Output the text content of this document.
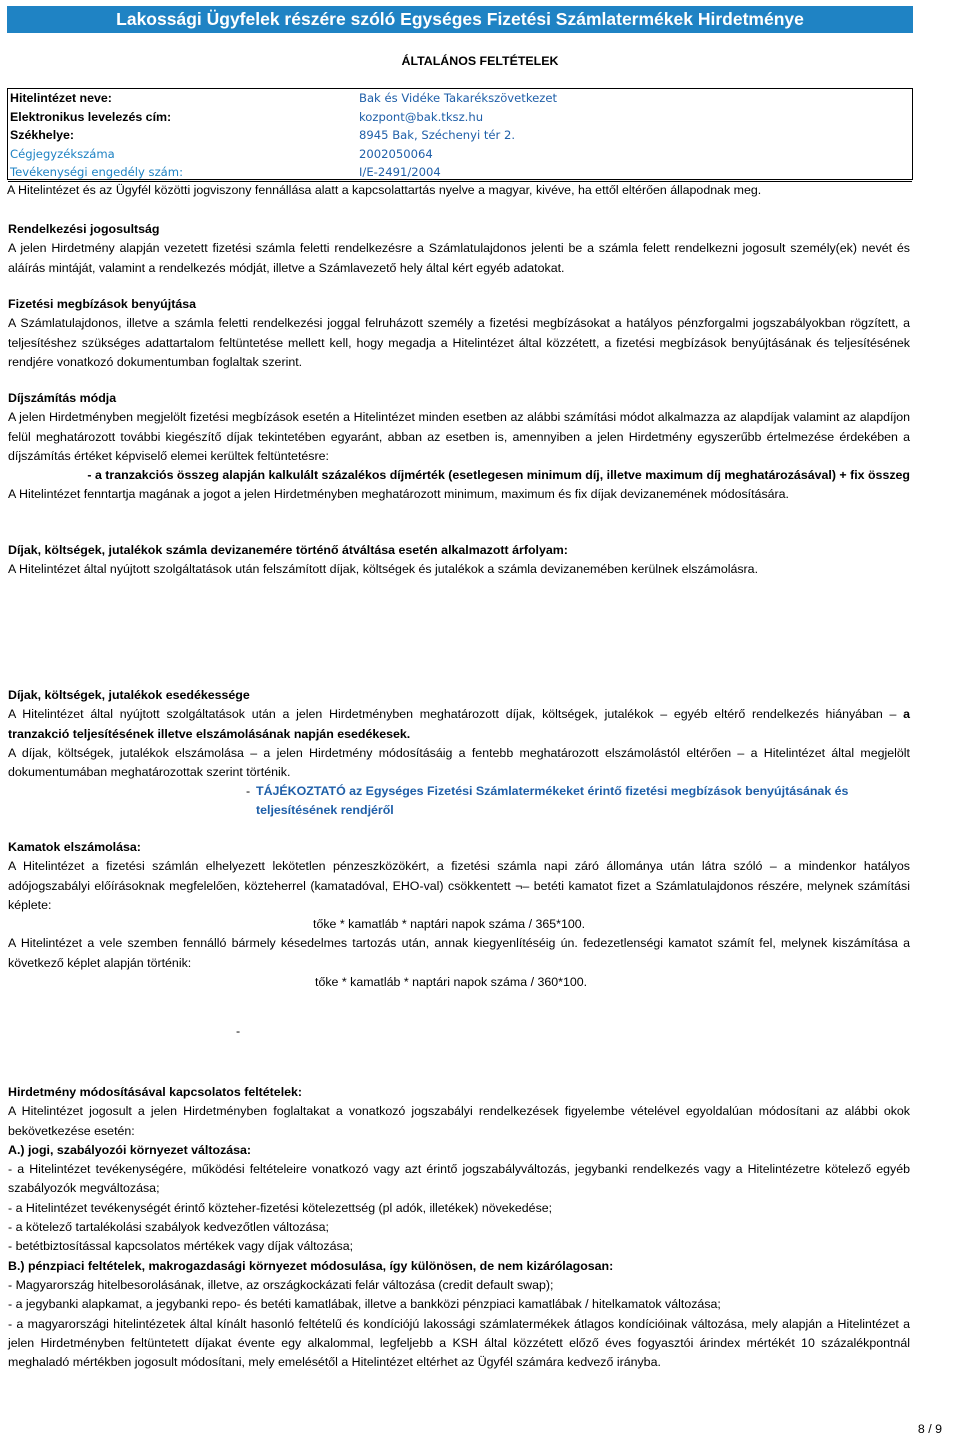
Lakossági Ügyfelek részére szóló Egységes Fizetési Számlatermékek Hirdetménye
ÁLTALÁNOS FELTÉTELEK
Hitelintézet neve:	Bak és Vidéke Takarékszövetkezet
Elektronikus levelezés cím:	kozpont@bak.tksz.hu
Székhelye:	8945 Bak, Széchenyi tér 2.
Cégjegyzékszáma	2002050064
Tevékenységi engedély szám:	I/E-2491/2004
A Hitelintézet és az Ügyfél közötti jogviszony fennállása alatt a kapcsolattartás nyelve a magyar, kivéve, ha ettől eltérően állapodnak meg.

Rendelkezési jogosultság

A jelen Hirdetmény alapján vezetett fizetési számla feletti rendelkezésre a Számlatulajdonos jelenti be a számla felett rendelkezni jogosult személy(ek) nevét és aláírás mintáját, valamint a rendelkezés módját, illetve a Számlavezető hely által kért egyéb adatokat.

Fizetési megbízások benyújtása

A Számlatulajdonos, illetve a számla feletti rendelkezési joggal felruházott személy a fizetési megbízásokat a hatályos pénzforgalmi jogszabályokban rögzített, a teljesítéshez szükséges adattartalom feltüntetése mellett kell, hogy megadja a Hitelintézet által közzétett, a fizetési megbízások benyújtásának és teljesítésének rendjére vonatkozó dokumentumban foglaltak szerint.

Díjszámítás módja

A jelen Hirdetményben megjelölt fizetési megbízások esetén a Hitelintézet minden esetben az alábbi számítási módot alkalmazza az alapdíjak valamint az alapdíjon felül meghatározott további kiegészítő díjak tekintetében egyaránt, abban az esetben is, amennyiben a jelen Hirdetmény egyszerűbb értelmezése érdekében a díjszámítás értéket képviselő elemei kerültek feltüntetésre:

- a tranzakciós összeg alapján kalkulált százalékos díjmérték (esetlegesen minimum díj, illetve maximum díj meghatározásával) + fix összeg

A Hitelintézet fenntartja magának a jogot a jelen Hirdetményben meghatározott minimum, maximum és fix díjak devizanemének módosítására.

Díjak, költségek, jutalékok számla devizanemére történő átváltása esetén alkalmazott árfolyam:

A Hitelintézet által nyújtott szolgáltatások után felszámított díjak, költségek és jutalékok a számla devizanemében kerülnek elszámolásra.

Díjak, költségek, jutalékok esedékessége

A Hitelintézet által nyújtott szolgáltatások után a jelen Hirdetményben meghatározott díjak, költségek, jutalékok – egyéb eltérő rendelkezés hiányában – a tranzakció teljesítésének illetve elszámolásának napján esedékesek.

A díjak, költségek, jutalékok elszámolása – a jelen Hirdetmény módosításáig a fentebb meghatározott elszámolástól eltérően – a Hitelintézet által megjelölt dokumentumában meghatározottak szerint történik.

- TÁJÉKOZTATÓ az Egységes Fizetési Számlatermékeket érintő fizetési megbízások benyújtásának és
teljesítésének rendjéről

Kamatok elszámolása:

A Hitelintézet a fizetési számlán elhelyezett lekötetlen pénzeszközökért, a fizetési számla napi záró állománya után látra szóló – a mindenkor hatályos adójogszabályi előírásoknak megfelelően, közteherrel (kamatadóval, EHO-val) csökkentett ¬– betéti kamatot fizet a Számlatulajdonos részére, melynek számítási képlete:

tőke * kamatláb * naptári napok száma / 365*100.

A Hitelintézet a vele szemben fennálló bármely késedelmes tartozás után, annak kiegyenlítéséig ún. fedezetlenségi kamatot számít fel, melynek kiszámítása a következő képlet alapján történik:

tőke * kamatláb * naptári napok száma / 360*100.

-

Hirdetmény módosításával kapcsolatos feltételek:

A Hitelintézet jogosult a jelen Hirdetményben foglaltakat a vonatkozó jogszabályi rendelkezések figyelembe vételével egyoldalúan módosítani az alábbi okok bekövetkezése esetén:

A.) jogi, szabályozói környezet változása:

- a Hitelintézet tevékenységére, működési feltételeire vonatkozó vagy azt érintő jogszabályváltozás, jegybanki rendelkezés vagy a Hitelintézetre kötelező egyéb szabályozók megváltozása;

- a Hitelintézet tevékenységét érintő közteher-fizetési kötelezettség (pl adók, illetékek) növekedése;

- a kötelező tartalékolási szabályok kedvezőtlen változása;

- betétbiztosítással kapcsolatos mértékek vagy díjak változása;

B.) pénzpiaci feltételek, makrogazdasági környezet módosulása, így különösen, de nem kizárólagosan:

- Magyarország hitelbesorolásának, illetve, az országkockázati felár változása (credit default swap);

- a jegybanki alapkamat, a jegybanki repo- és betéti kamatlábak, illetve a bankközi pénzpiaci kamatlábak / hitelkamatok változása;

- a magyarországi hitelintézetek által kínált hasonló feltételű és kondíciójú lakossági számlatermékek átlagos kondícióinak változása, mely alapján a Hitelintézet a jelen Hirdetményben feltüntetett díjakat évente egy alkalommal, legfeljebb a KSH által közzétett előző éves fogyasztói árindex mértékét 10 százalékpontnál meghaladó mértékben jogosult módosítani, mely emelésétől a Hitelintézet eltérhet az Ügyfél számára kedvező irányba.

8 / 9
